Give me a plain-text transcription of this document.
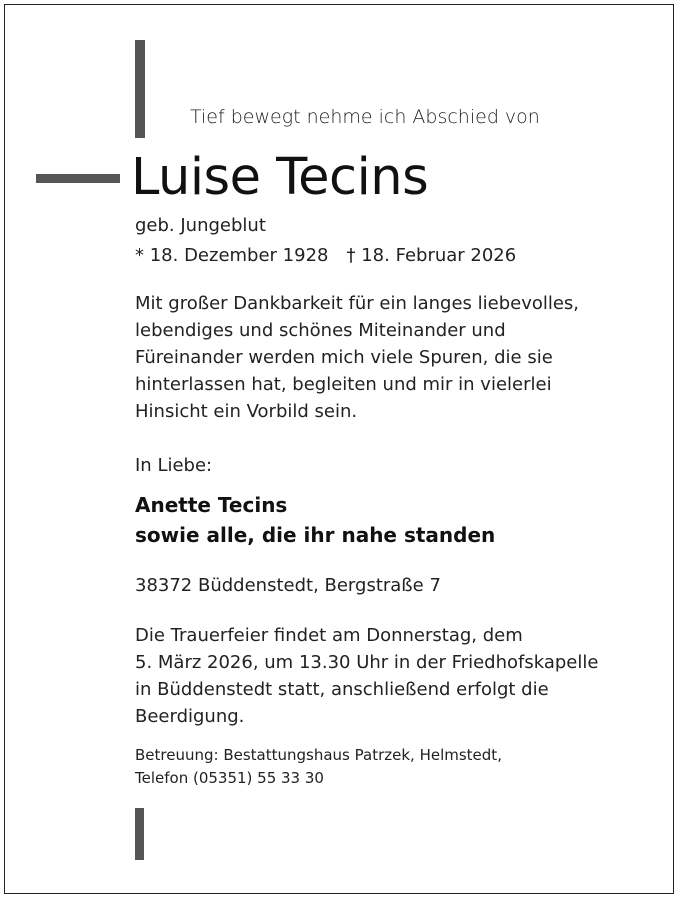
Tief bewegt nehme ich Abschied von
Luise Tecins
geb. Jungeblut
* 18. Dezember 1928 † 18. Februar 2026
Mit großer Dankbarkeit für ein langes liebevolles,
lebendiges und schönes Miteinander und
Füreinander werden mich viele Spuren, die sie
hinterlassen hat, begleiten und mir in vielerlei
Hinsicht ein Vorbild sein.
In Liebe:
Anette Tecins
sowie alle, die ihr nahe standen
38372 Büddenstedt, Bergstraße 7
Die Trauerfeier findet am Donnerstag, dem
5. März 2026, um 13.30 Uhr in der Friedhofskapelle
in Büddenstedt statt, anschließend erfolgt die
Beerdigung.
Betreuung: Bestattungshaus Patrzek, Helmstedt,
Telefon (05351) 55 33 30
